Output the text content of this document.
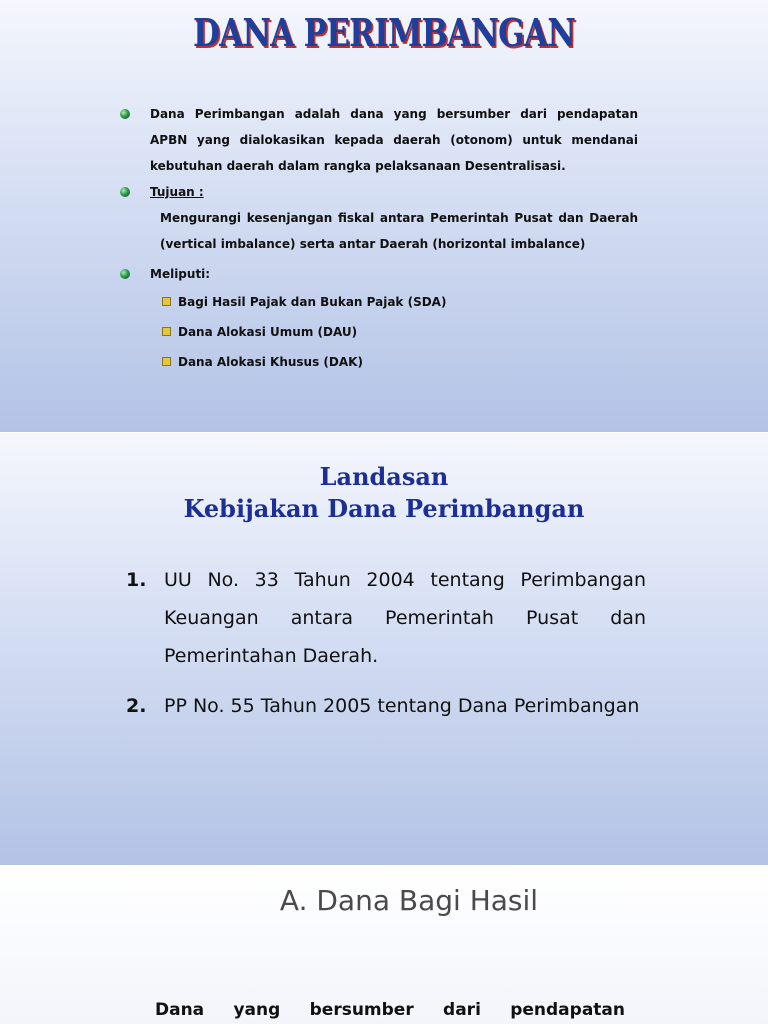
DANA PERIMBANGAN
Dana Perimbangan adalah dana yang bersumber dari pendapatan APBN yang dialokasikan kepada daerah (otonom) untuk mendanai kebutuhan daerah dalam rangka pelaksanaan Desentralisasi.
Tujuan :
Mengurangi kesenjangan fiskal antara Pemerintah Pusat dan Daerah (vertical imbalance) serta antar Daerah (horizontal imbalance)
Meliputi:
Bagi Hasil Pajak dan Bukan Pajak (SDA)
Dana Alokasi Umum (DAU)
Dana Alokasi Khusus (DAK)
Landasan
Kebijakan Dana Perimbangan
1. UU No. 33 Tahun 2004 tentang Perimbangan Keuangan antara Pemerintah Pusat dan Pemerintahan Daerah.
2. PP No. 55 Tahun 2005 tentang Dana Perimbangan
A. Dana Bagi Hasil
Dana yang bersumber dari pendapatan
